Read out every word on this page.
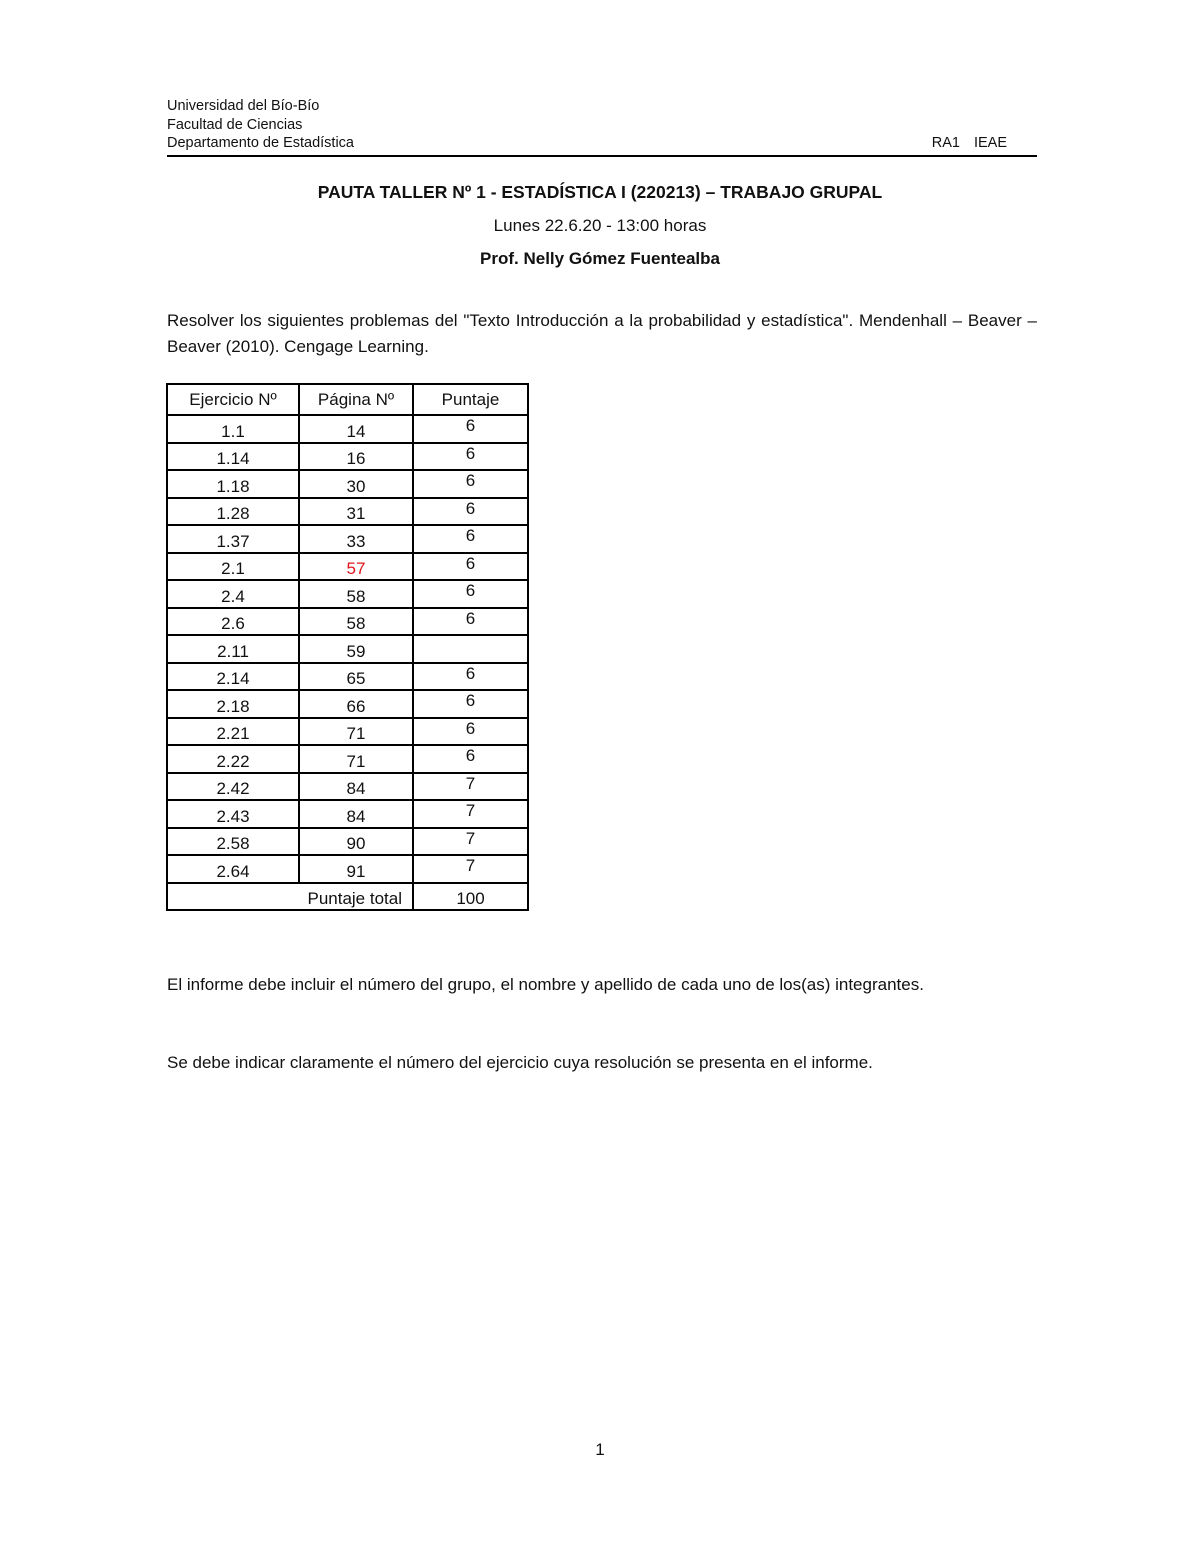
Universidad del Bío-Bío
Facultad de Ciencias
Departamento de Estadística	RA1 IEAE
PAUTA TALLER Nº 1 - ESTADÍSTICA I (220213) – TRABAJO GRUPAL
Lunes 22.6.20 - 13:00 horas
Prof. Nelly Gómez Fuentealba
Resolver los siguientes problemas del "Texto Introducción a la probabilidad y estadística". Mendenhall – Beaver – Beaver (2010). Cengage Learning.
Ejercicio Nº	Página Nº	Puntaje
1.1	14	6
1.14	16	6
1.18	30	6
1.28	31	6
1.37	33	6
2.1	57	6
2.4	58	6
2.6	58	6
2.11	59	
2.14	65	6
2.18	66	6
2.21	71	6
2.22	71	6
2.42	84	7
2.43	84	7
2.58	90	7
2.64	91	7
Puntaje total		100
El informe debe incluir el número del grupo, el nombre y apellido de cada uno de los(as) integrantes.
Se debe indicar claramente el número del ejercicio cuya resolución se presenta en el informe.
1
